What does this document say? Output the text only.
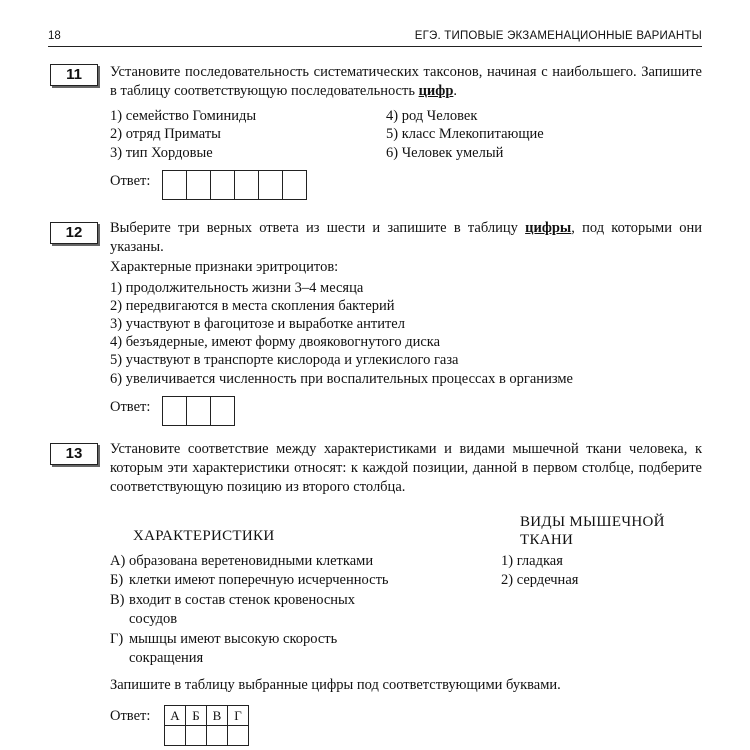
18	ЕГЭ. ТИПОВЫЕ ЭКЗАМЕНАЦИОННЫЕ ВАРИАНТЫ
11	Установите последовательность систематических таксонов, начиная с наибольшего. Запишите в таблицу соответствующую последовательность цифр.
1) семейство Гоминиды
2) отряд Приматы
3) тип Хордовые
4) род Человек
5) класс Млекопитающие
6) Человек умелый
Ответ:
12	Выберите три верных ответа из шести и запишите в таблицу цифры, под которыми они указаны.
Характерные признаки эритроцитов:
1) продолжительность жизни 3–4 месяца
2) передвигаются в места скопления бактерий
3) участвуют в фагоцитозе и выработке антител
4) безъядерные, имеют форму двояковогнутого диска
5) участвуют в транспорте кислорода и углекислого газа
6) увеличивается численность при воспалительных процессах в организме
Ответ:
13	Установите соответствие между характеристиками и видами мышечной ткани человека, к которым эти характеристики относят: к каждой позиции, данной в первом столбце, подберите соответствующую позицию из второго столбца.
ХАРАКТЕРИСТИКИ
ВИДЫ МЫШЕЧНОЙ
ТКАНИ
А) образована веретеновидными клетками
Б) клетки имеют поперечную исчерченность
В) входит в состав стенок кровеносных
сосудов
Г) мышцы имеют высокую скорость
сокращения
1) гладкая
2) сердечная
Запишите в таблицу выбранные цифры под соответствующими буквами.
Ответ: А	Б	В	Г
